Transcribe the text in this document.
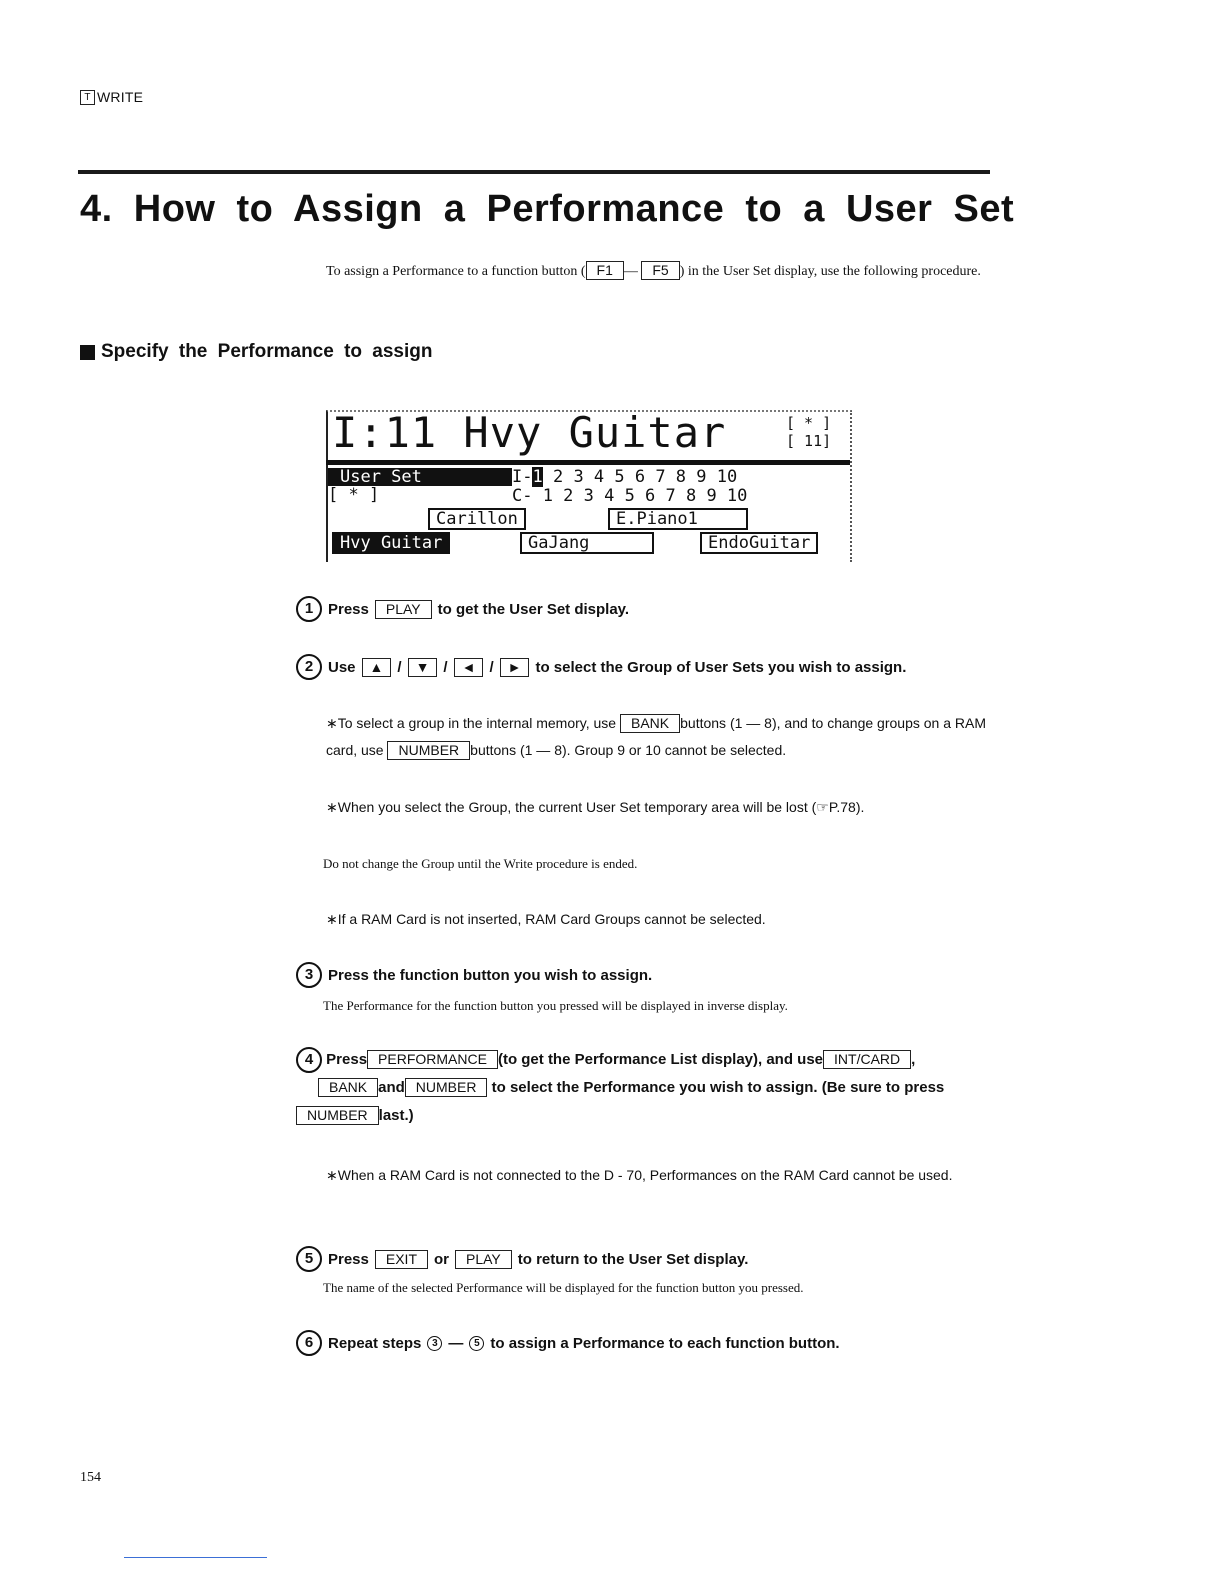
T WRITE
4. How to Assign a Performance to a User Set
To assign a Performance to a function button ( F1 — F5 ) in the User Set display, use the following procedure.
Specify the Performance to assign
I:11 Hvy Guitar	[ * ]
[ 11]
User Set
[ * ]
I-1 2 3 4 5 6 7 8 9 10
C- 1 2 3 4 5 6 7 8 9 10
Carillon	E.Piano1
Hvy Guitar	GaJang	EndoGuitar
1 Press	PLAY	to get the User Set display.
2 Use	▲ /	▼ /	◄ /	► to select the Group of User Sets you wish to assign.
∗To select a group in the internal memory, use BANK buttons (1 — 8), and to change groups on a RAM card, use NUMBER buttons (1 — 8). Group 9 or 10 cannot be selected.
∗When you select the Group, the current User Set temporary area will be lost (☞P.78).
Do not change the Group until the Write procedure is ended.
∗If a RAM Card is not inserted, RAM Card Groups cannot be selected.
3 Press the function button you wish to assign.
The Performance for the function button you pressed will be displayed in inverse display.
4 Press PERFORMANCE (to get the Performance List display), and use INT/CARD ,
BANK and NUMBER to select the Performance you wish to assign. (Be sure to pressNUMBER last.)
∗When a RAM Card is not connected to the D - 70, Performances on the RAM Card cannot be used.
5 Press	EXIT	or	PLAY	to return to the User Set display.
The name of the selected Performance will be displayed for the function button you pressed.
6 Repeat steps	3 —	5 to assign a Performance to each function button.
154
